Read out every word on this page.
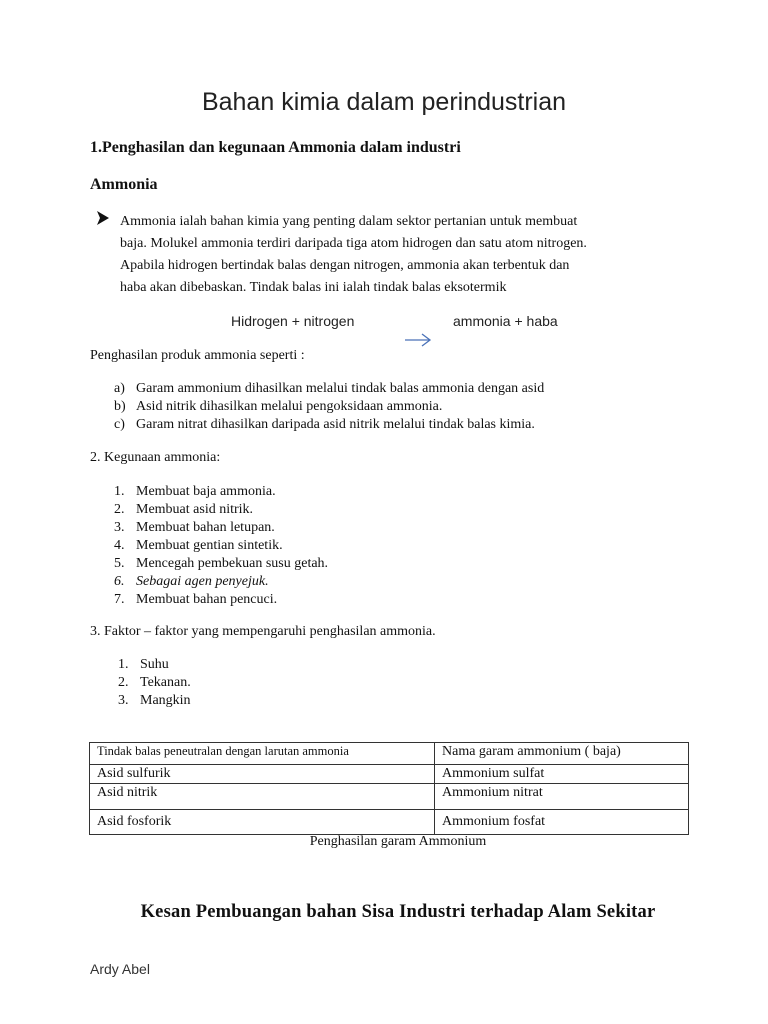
Bahan kimia dalam perindustrian
1.Penghasilan dan kegunaan Ammonia dalam industri
Ammonia
Ammonia ialah bahan kimia yang penting dalam sektor pertanian untuk membuat
baja. Molukel ammonia terdiri daripada tiga atom hidrogen dan satu atom nitrogen.
Apabila hidrogen bertindak balas dengan nitrogen, ammonia akan terbentuk dan
haba akan dibebaskan. Tindak balas ini ialah tindak balas eksotermik
Hidrogen + nitrogen	ammonia + haba
Penghasilan produk ammonia seperti :
a) Garam ammonium dihasilkan melalui tindak balas ammonia dengan asid
b) Asid nitrik dihasilkan melalui pengoksidaan ammonia.
c) Garam nitrat dihasilkan daripada asid nitrik melalui tindak balas kimia.
2. Kegunaan ammonia:
1. Membuat baja ammonia.
2. Membuat asid nitrik.
3. Membuat bahan letupan.
4. Membuat gentian sintetik.
5. Mencegah pembekuan susu getah.
6. Sebagai agen penyejuk.
7. Membuat bahan pencuci.
3. Faktor – faktor yang mempengaruhi penghasilan ammonia.
1. Suhu
2. Tekanan.
3. Mangkin
Tindak balas peneutralan dengan larutan ammonia	Nama garam ammonium ( baja)
Asid sulfurik	Ammonium sulfat
Asid nitrik	Ammonium nitrat
Asid fosforik	Ammonium fosfat
Penghasilan garam Ammonium
Kesan Pembuangan bahan Sisa Industri terhadap Alam Sekitar
Ardy Abel
